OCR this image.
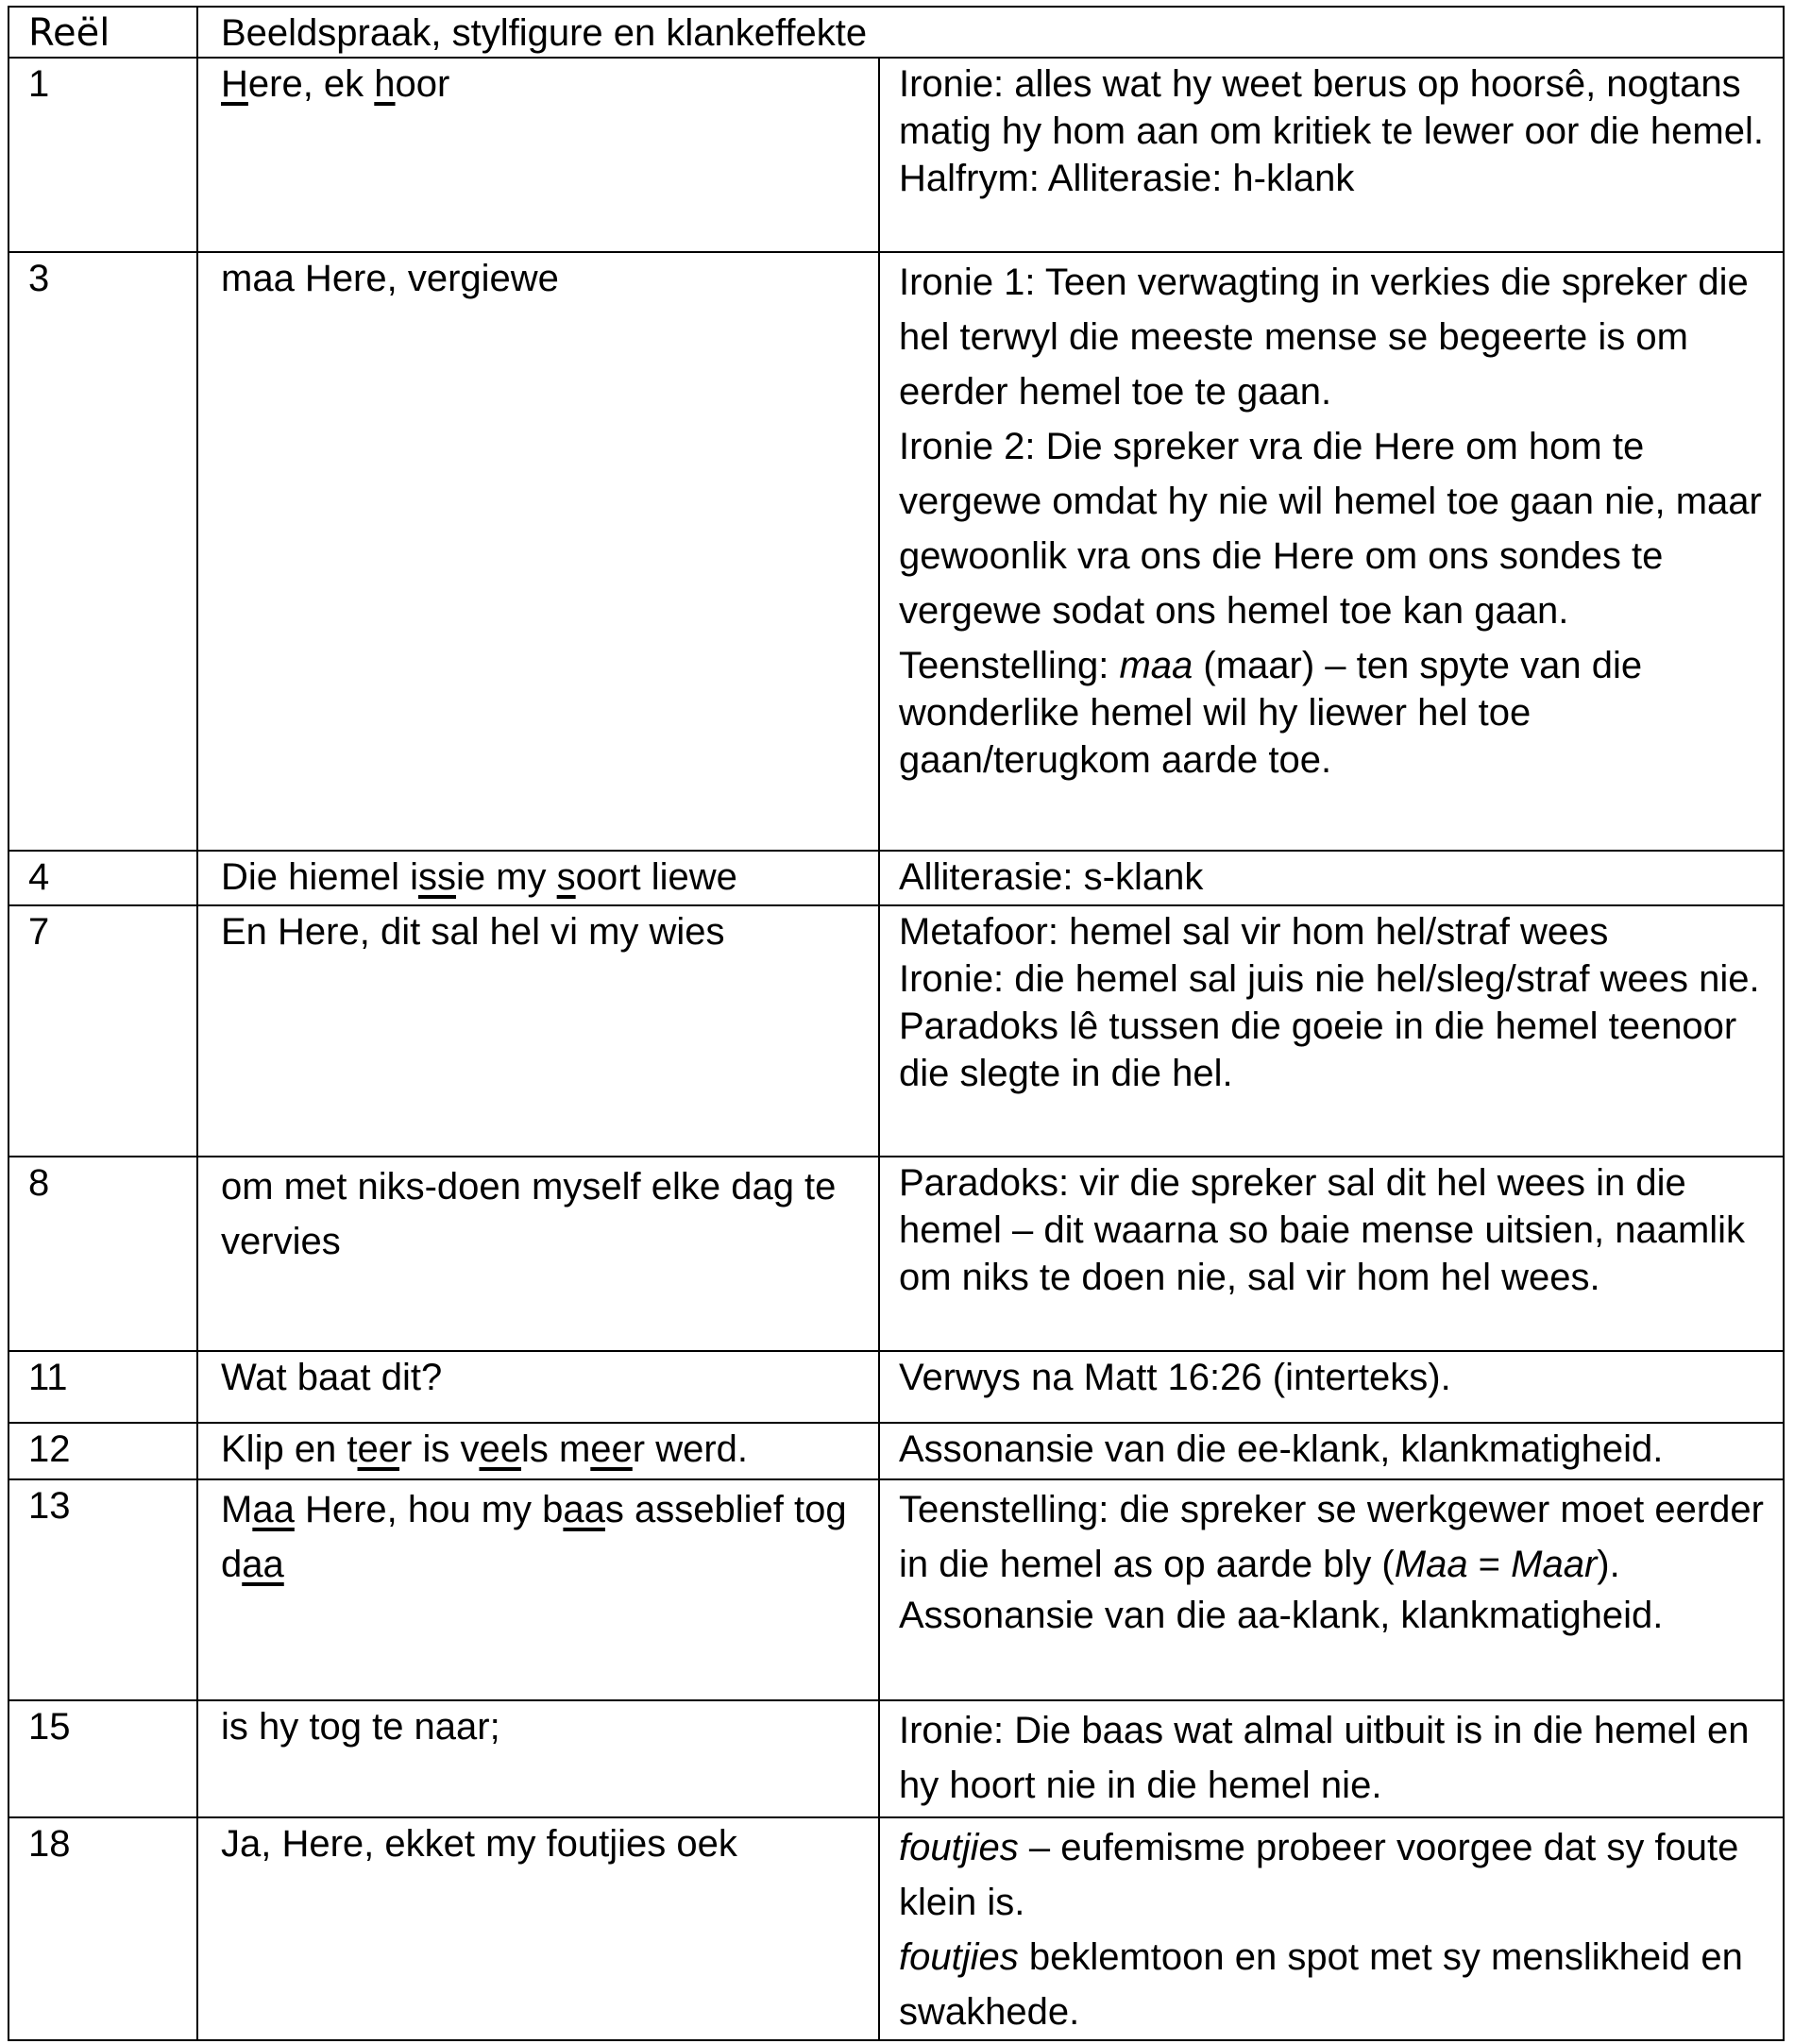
Reël	Beeldspraak, stylfigure en klankeffekte	
1	Here, ek hoor	Ironie: alles wat hy weet berus op hoorsê, nogtans matig hy hom aan om kritiek te lewer oor die hemel.
Halfrym: Alliterasie: h-klank

3	maa Here, vergiewe	Ironie 1: Teen verwagting in verkies die spreker die hel terwyl die meeste mense se begeerte is om eerder hemel toe te gaan.
Ironie 2: Die spreker vra die Here om hom te vergewe omdat hy nie wil hemel toe gaan nie, maar gewoonlik vra ons die Here om ons sondes te vergewe sodat ons hemel toe kan gaan.
Teenstelling: maa (maar) – ten spyte van die wonderlike hemel wil hy liewer hel toe gaan/terugkom aarde toe.

4	Die hiemel issie my soort liewe	Alliterasie: s-klank
7	En Here, dit sal hel vi my wies	Metafoor: hemel sal vir hom hel/straf wees
Ironie: die hemel sal juis nie hel/sleg/straf wees nie.
Paradoks lê tussen die goeie in die hemel teenoor die slegte in die hel.

8	om met niks-doen myself elke dag te vervies	Paradoks: vir die spreker sal dit hel wees in die hemel – dit waarna so baie mense uitsien, naamlik om niks te doen nie, sal vir hom hel wees.
11	Wat baat dit?	Verwys na Matt 16:26 (interteks).
12	Klip en teer is veels meer werd.	Assonansie van die ee-klank, klankmatigheid.
13	Maa Here, hou my baas asseblief tog daa	Teenstelling: die spreker se werkgewer moet eerder in die hemel as op aarde bly (Maa = Maar).
Assonansie van die aa-klank, klankmatigheid.

15	is hy tog te naar;	Ironie: Die baas wat almal uitbuit is in die hemel en hy hoort nie in die hemel nie.
18	Ja, Here, ekket my foutjies oek	foutjies – eufemisme probeer voorgee dat sy foute klein is.
foutjies beklemtoon en spot met sy menslikheid en swakhede.
